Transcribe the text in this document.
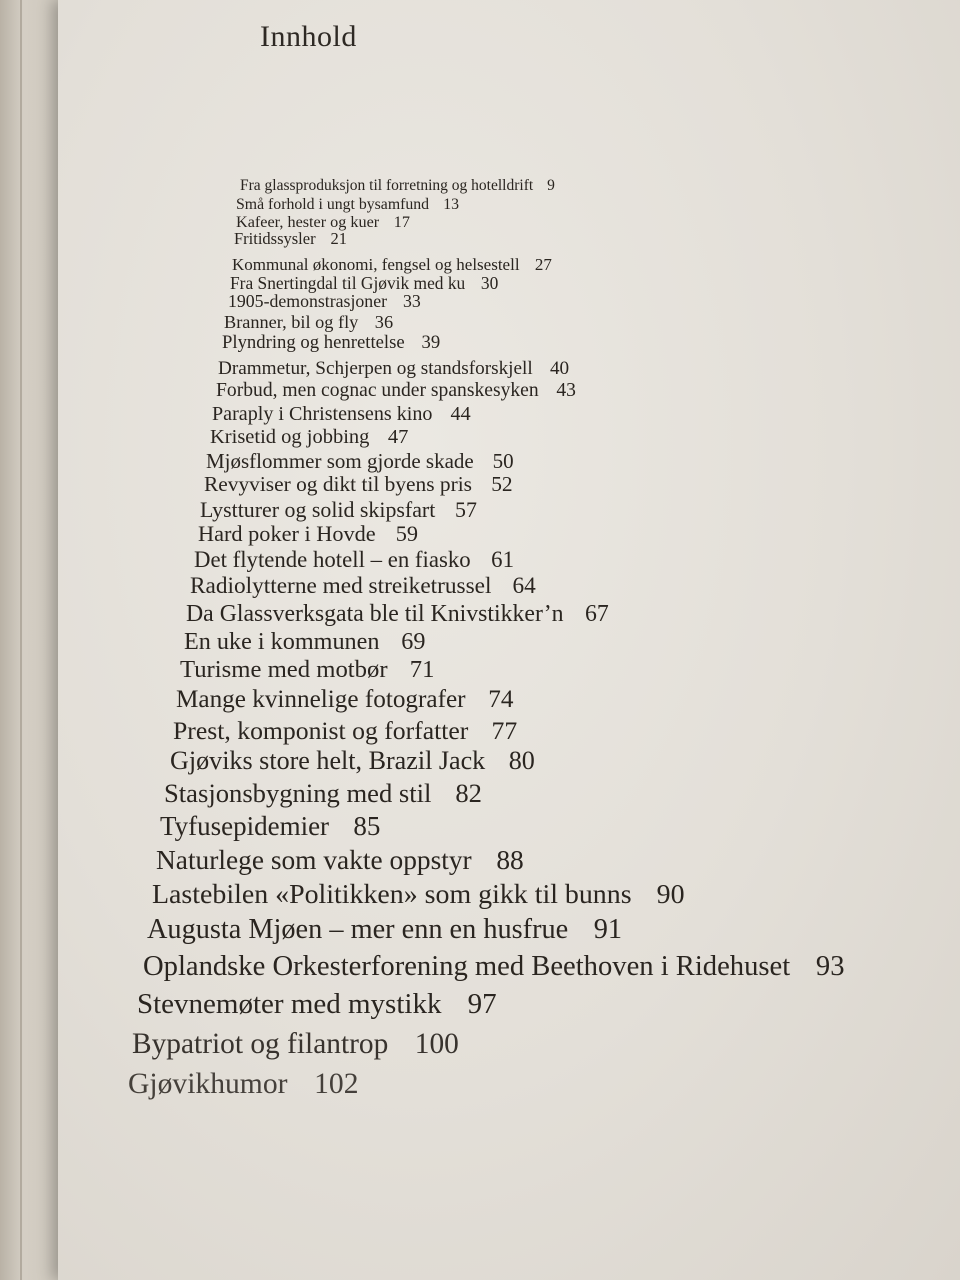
Innhold
Fra glassproduksjon til forretning og hotelldrift 9
Små forhold i ungt bysamfund 13
Kafeer, hester og kuer 17
Fritidssysler 21
Kommunal økonomi, fengsel og helsestell 27
Fra Snertingdal til Gjøvik med ku 30
1905-demonstrasjoner 33
Branner, bil og fly 36
Plyndring og henrettelse 39
Drammetur, Schjerpen og standsforskjell 40
Forbud, men cognac under spanskesyken 43
Paraply i Christensens kino 44
Krisetid og jobbing 47
Mjøsflommer som gjorde skade 50
Revyviser og dikt til byens pris 52
Lystturer og solid skipsfart 57
Hard poker i Hovde 59
Det flytende hotell – en fiasko 61
Radiolytterne med streiketrussel 64
Da Glassverksgata ble til Knivstikker’n 67
En uke i kommunen 69
Turisme med motbør 71
Mange kvinnelige fotografer 74
Prest, komponist og forfatter 77
Gjøviks store helt, Brazil Jack 80
Stasjonsbygning med stil 82
Tyfusepidemier 85
Naturlege som vakte oppstyr 88
Lastebilen «Politikken» som gikk til bunns 90
Augusta Mjøen – mer enn en husfrue 91
Oplandske Orkesterforening med Beethoven i Ridehuset 93
Stevnemøter med mystikk 97
Bypatriot og filantrop 100
Gjøvikhumor 102
